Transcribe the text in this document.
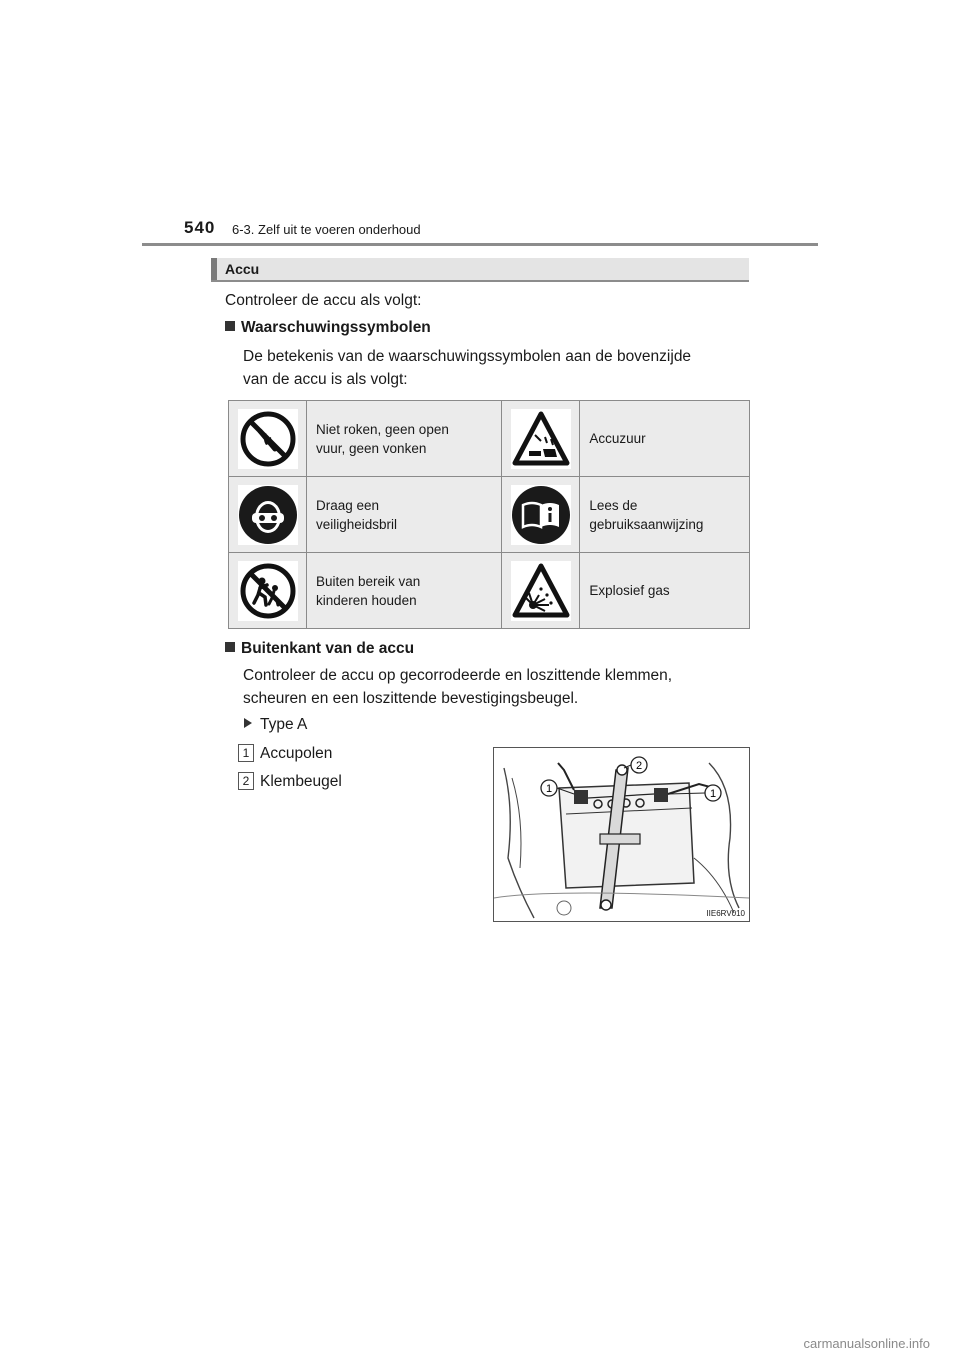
540 6-3. Zelf uit te voeren onderhoud
Accu
Controleer de accu als volgt:
Waarschuwingssymbolen
De betekenis van de waarschuwingssymbolen aan de bovenzijde
van de accu is als volgt:
	Niet roken, geen open
vuur, geen vonken		Accuzuur

	Draag een
veiligheidsbril		Lees de
gebruiksaanwijzing

	Buiten bereik van
kinderen houden		Explosief gas
Buitenkant van de accu
Controleer de accu op gecorrodeerde en loszittende klemmen,
scheuren en een loszittende bevestigingsbeugel.
Type A
1 Accupolen
2 Klembeugel	1
2
1
IIE6RV010
carmanualsonline.info
